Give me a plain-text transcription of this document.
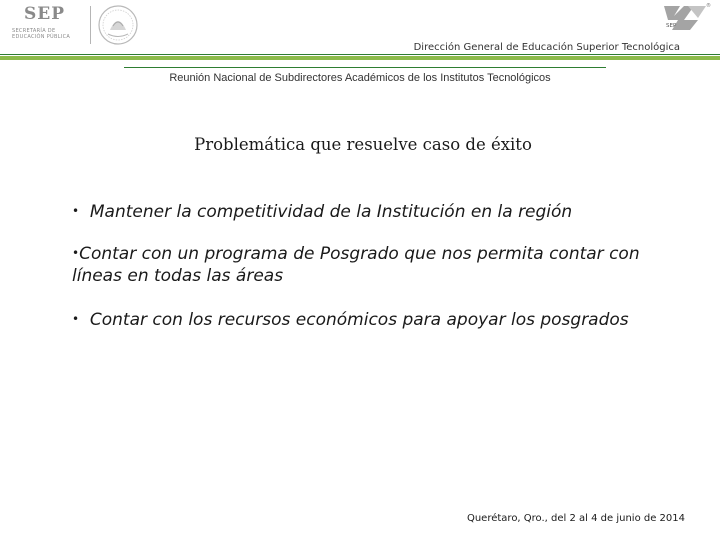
SEP
SECRETARÍA DE EDUCACIÓN PÚBLICA
®
SEP
Dirección General de Educación Superior Tecnológica
Reunión Nacional de Subdirectores Académicos de los Institutos Tecnológicos
Problemática que resuelve caso de éxito
• Mantener la competitividad de la Institución en la región
•Contar con un programa de Posgrado que nos permita contar con líneas en todas las áreas
• Contar con los recursos económicos para apoyar los posgrados
Querétaro, Qro., del 2 al 4 de junio de 2014
